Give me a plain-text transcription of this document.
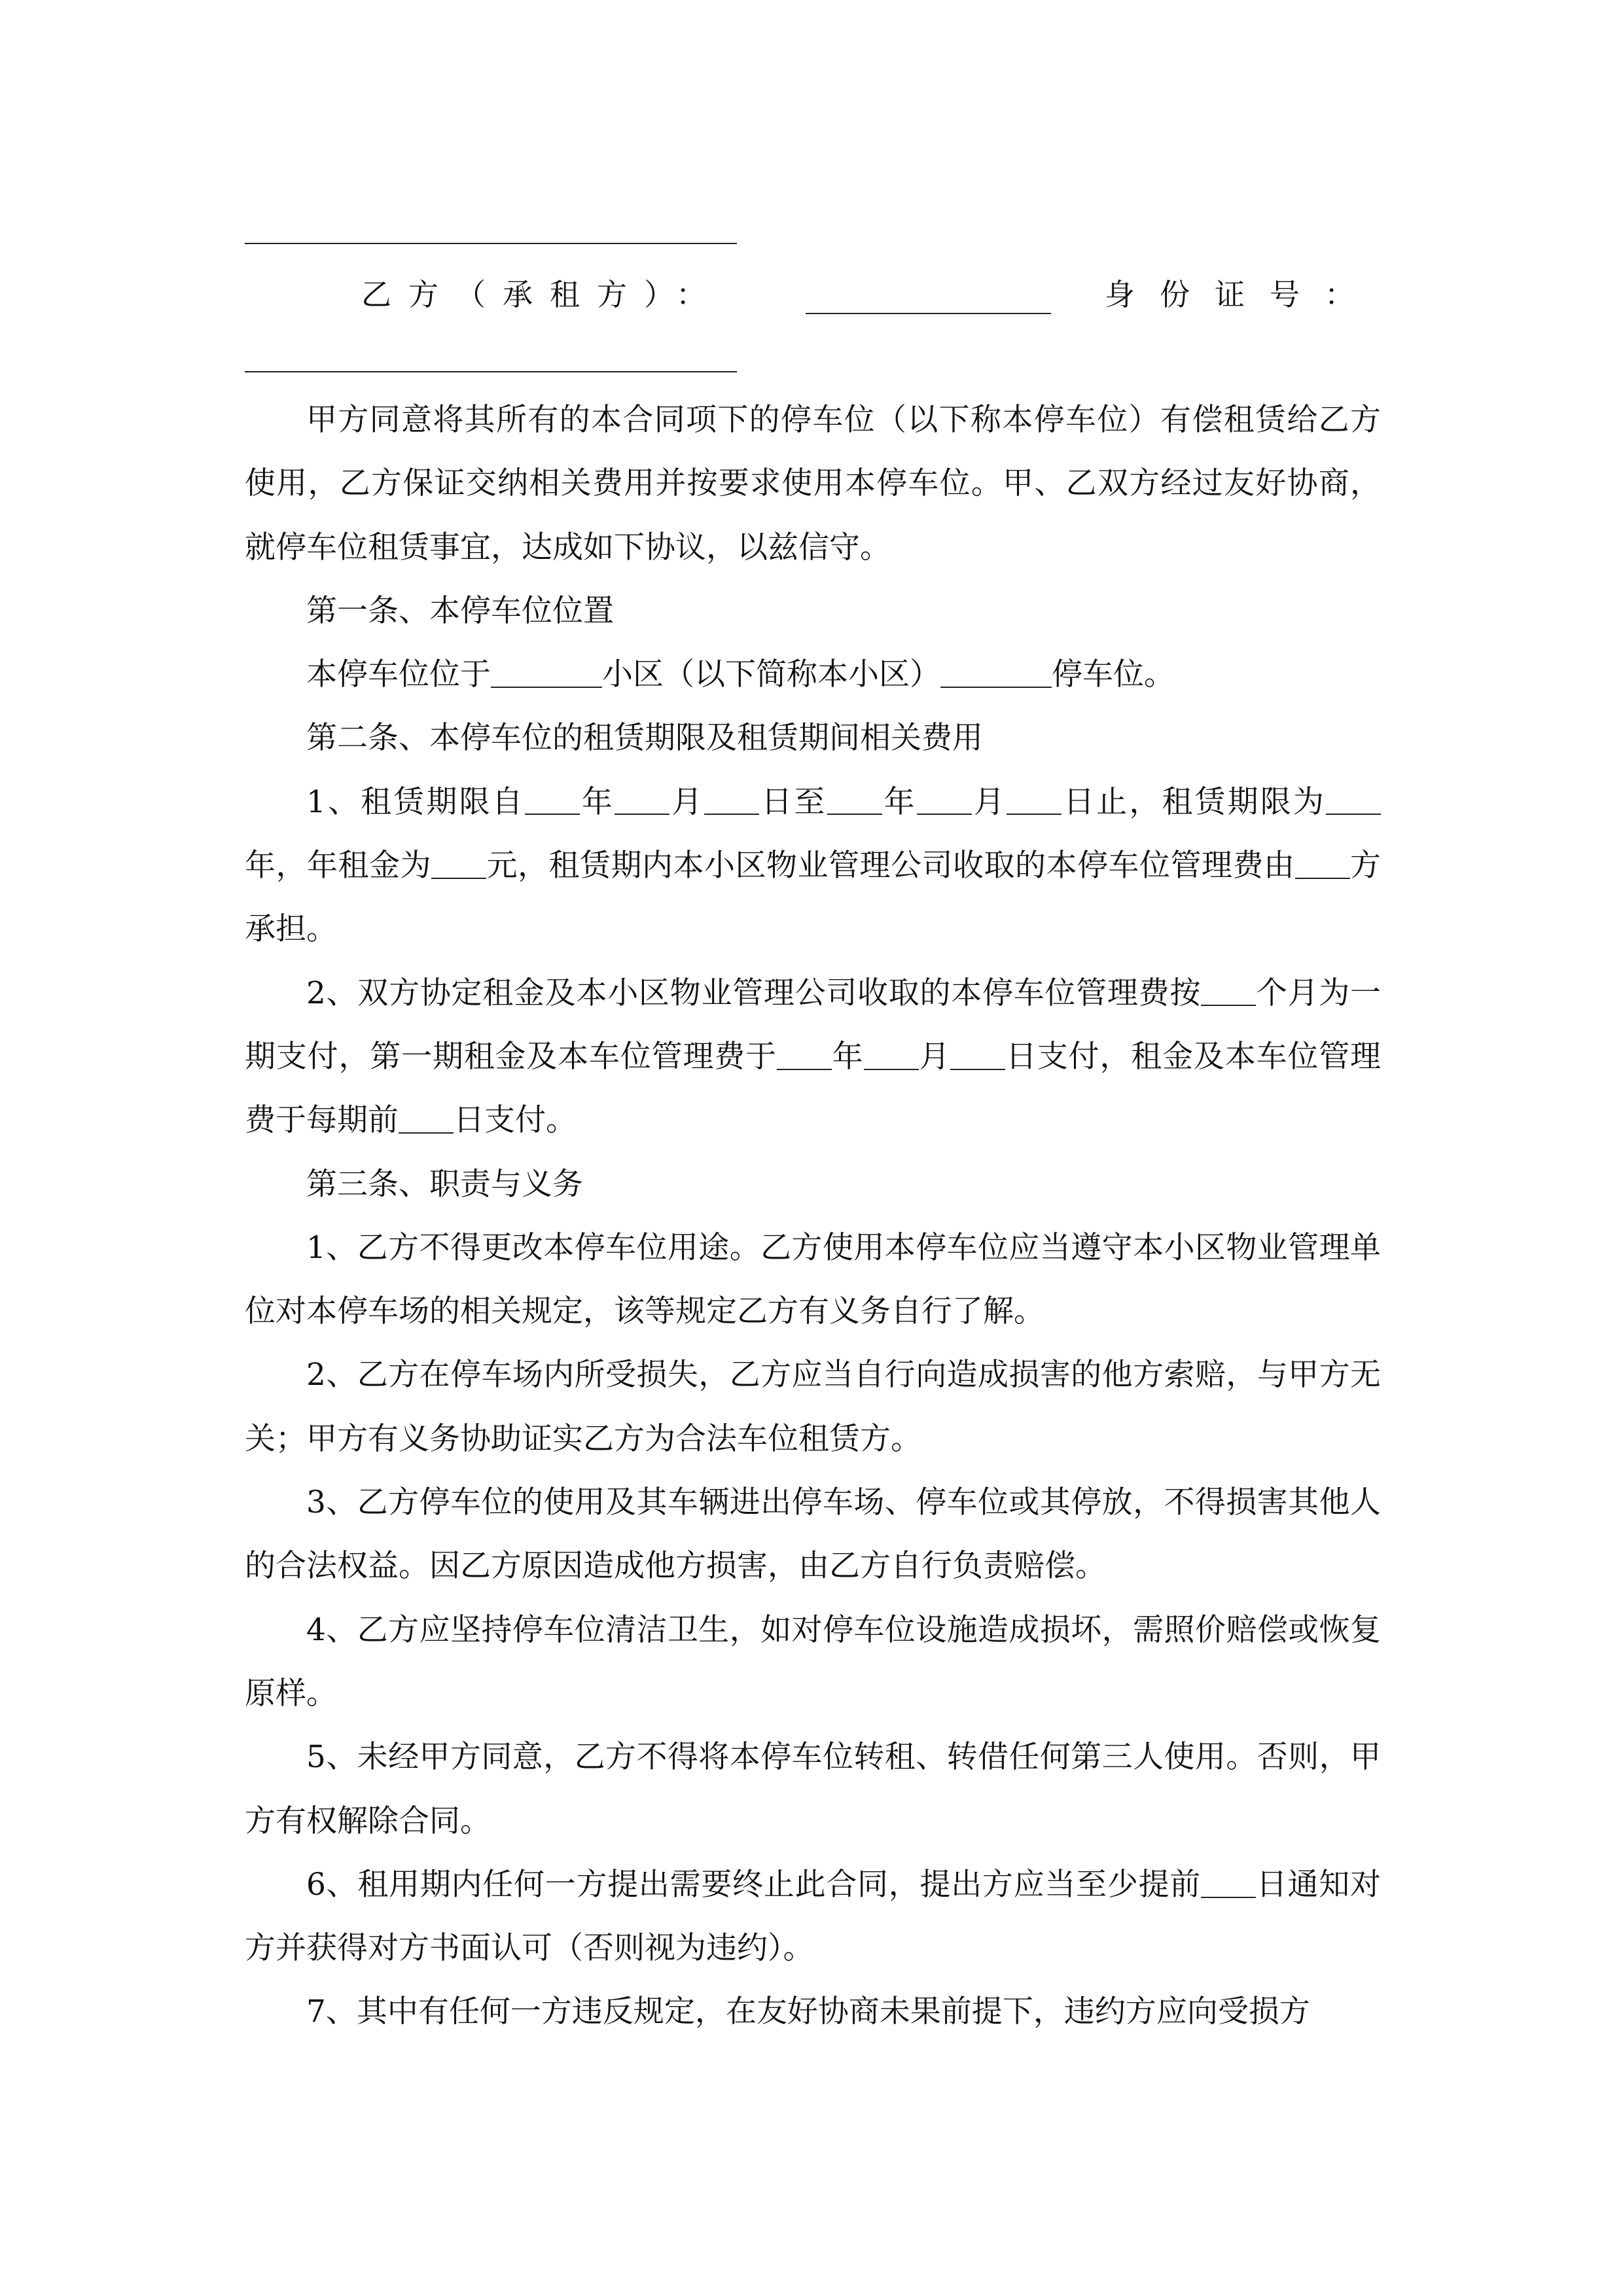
乙方（承租方）：	身份证号：

甲方同意将其所有的本合同项下的停车位（以下称本停车位）有偿租赁给乙方使用，乙方保证交纳相关费用并按要求使用本停车位。甲、乙双方经过友好协商，就停车位租赁事宜，达成如下协议，以兹信守。

第一条、本停车位位置

本停车位位于	小区（以下简称本小区）	停车位。

第二条、本停车位的租赁期限及租赁期间相关费用

1、租赁期限自 年 月 日至 年 月 日止，租赁期限为年，年租金为 元，租赁期内本小区物业管理公司收取的本停车位管理费由 方承担。

2、双方协定租金及本小区物业管理公司收取的本停车位管理费按 个月为一期支付，第一期租金及本车位管理费于 年 月 日支付，租金及本车位管理费于每期前 日支付。

第三条、职责与义务

1、乙方不得更改本停车位用途。乙方使用本停车位应当遵守本小区物业管理单位对本停车场的相关规定，该等规定乙方有义务自行了解。

2、乙方在停车场内所受损失，乙方应当自行向造成损害的他方索赔，与甲方无关；甲方有义务协助证实乙方为合法车位租赁方。

3、乙方停车位的使用及其车辆进出停车场、停车位或其停放，不得损害其他人的合法权益。因乙方原因造成他方损害，由乙方自行负责赔偿。

4、乙方应坚持停车位清洁卫生，如对停车位设施造成损坏，需照价赔偿或恢复原样。

5、未经甲方同意，乙方不得将本停车位转租、转借任何第三人使用。否则，甲方有权解除合同。

6、租用期内任何一方提出需要终止此合同，提出方应当至少提前 日通知对方并获得对方书面认可（否则视为违约）。

7、其中有任何一方违反规定，在友好协商未果前提下，违约方应向受损方
